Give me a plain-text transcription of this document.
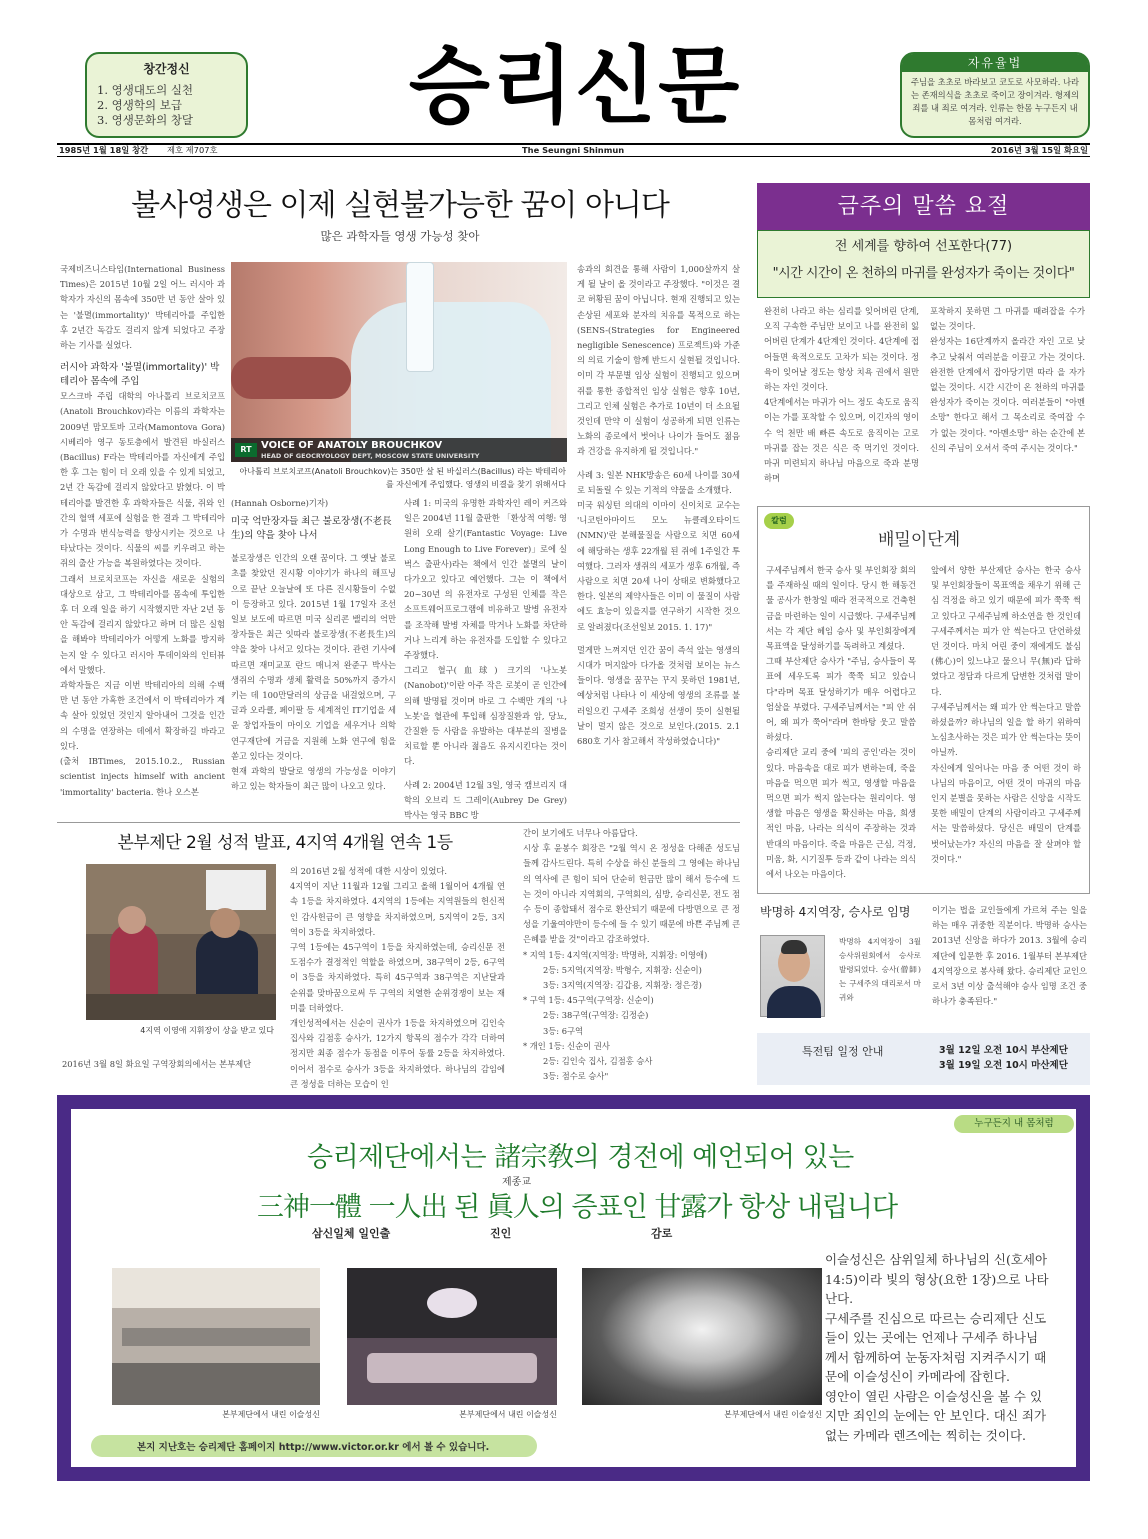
창간정신
1. 영생대도의 실천
2. 영생학의 보급
3. 영생문화의 창달	승리신문	자유율법
주님을 초초로 바라보고 코도로 사모하라. 나라는 존재의식을 초초로 죽이고 장이겨라. 형제의 죄를 내 죄로 여겨라. 인류는 한몸 누구든지 내몸처럼 여겨라.
1985년 1월 18일 창간 제호 제707호	The Seungni Shinmun	2016년 3월 15일 화요일
불사영생은 이제 실현불가능한 꿈이 아니다
많은 과학자들 영생 가능성 찾아
국제비즈니스타임(International Business Times)은 2015년 10월 2일 어느 러시아 과학자가 자신의 몸속에 350만 년 동안 살아 있는 '불멸(immortality)' 박테리아를 주입한 후 2년간 독감도 걸리지 않게 되었다고 주장하는 기사를 실었다.
러시아 과학자 '불멸(immortality)' 박테리아 몸속에 주입
모스크바 주립 대학의 아나톨리 브로치코프(Anatoli Brouchkov)라는 이름의 과학자는 2009년 맘모토바 고라(Mamontova Gora) 시베리아 영구 동토층에서 발견된 바실러스(Bacillus) F라는 박테리아를 자신에게 주입한 후 그는 힘이 더 오래 있을 수 있게 되었고, 2년 간 독감에 걸리지 않았다고 밝혔다. 이 박테리아를 발견한 후 과학자들은 식물, 쥐와 인간의 혈액 세포에 실험을 한 결과 그 박테리아가 수명과 번식능력을 향상시키는 것으로 나타났다는 것이다. 식물의 씨를 키우려고 하는 쥐의 출산 가능을 복원하였다는 것이다.
그래서 브로치코프는 자신을 새로운 실험의 대상으로 삼고, 그 박테리아를 몸속에 투입한 후 더 오래 일을 하기 시작했지만 자난 2년 동안 독감에 걸리지 않았다고 하며 더 많은 실험을 해봐야 박테리아가 어떻게 노화를 방지하는지 알 수 있다고 러시아 투데이와의 인터뷰에서 말했다.
과학자들은 지금 이번 박테리아의 의해 수백만 년 동안 가혹한 조건에서 이 박테리아가 계속 살아 있었던 것인지 알아내어 그것을 인간의 수명을 연장하는 데에서 확장하길 바라고 있다.
(출처 IBTimes, 2015.10.2., Russian scientist injects himself with ancient 'immortality' bacteria. 한나 오스본
RT VOICE OF ANATOLY BROUCHKOV
HEAD OF GEOCRYOLOGY DEPT, MOSCOW STATE UNIVERSITY
아나톨리 브로치코프(Anatoli Brouchkov)는 350만 살 된 바실러스(Bacillus) 라는 박테리아를 자신에게 주입했다. 영생의 비결을 찾기 위해서다
(Hannah Osborne)기자)
미국 억만장자들 최근 불로장생(不老長生)의 약을 찾아 나서
불로장생은 인간의 오랜 꿈이다. 그 옛날 불로초를 찾았던 진시황 이야기가 하나의 해프닝으로 끝난 오늘날에 또 다른 진시황들이 수없이 등장하고 있다. 2015년 1월 17일자 조선일보 보도에 따르면 미국 실리콘 밸리의 억만장자들은 최근 잇따라 불로장생(不老長生)의 약을 찾아 나서고 있다는 것이다. 관련 기사에 따르면 재미교포 란드 매니저 완준구 박사는 생쥐의 수명과 생체 활력을 50%까지 증가시키는 데 100만달러의 상금을 내걸었으며, 구글과 오라클, 페이팔 등 세계적인 IT기업을 세운 창업자들이 마이오 기업을 세우거나 의학연구재단에 거금을 지원해 노화 연구에 힘을 쏟고 있다는 것이다.
현재 과학의 발달로 영생의 가능성을 이야기하고 있는 학자들이 최근 많이 나오고 있다.
사례 1: 미국의 유명한 과학자인 레이 커즈와일은 2004년 11월 출판한 「환상적 여행: 영원히 오래 살기(Fantastic Voyage: Live Long Enough to Live Forever)」로에 실 벅스 출판사)라는 책에서 인간 불멸의 날이 다가오고 있다고 예언했다. 그는 이 책에서 20~30년 의 유전자로 구성된 인체를 작은 소프트웨어프로그램에 비유하고 발병 유전자를 조작해 발병 자체를 막거나 노화를 차단하거나 느리게 하는 유전자를 도입할 수 있다고 주장했다.
그리고 혈구(血球) 크기의 '나노봇(Nanobot)'이란 아주 작은 로봇이 곧 인간에 의해 발명될 것이며 바로 그 수백만 개의 '나노봇'을 혈관에 투입해 심장질환과 암, 당뇨, 간질환 등 사람을 유발하는 대부분의 질병을 치료할 뿐 아니라 젊음도 유지시킨다는 것이다.
사례 2: 2004년 12월 3일, 영국 캠브리지 대학의 오브리 드 그레이(Aubrey De Grey) 박사는 영국 BBC 방
송과의 회견을 통해 사람이 1,000살까지 살게 될 날이 올 것이라고 주장했다. "이것은 결코 허황된 꿈이 아닙니다. 현재 진행되고 있는 손상된 세포와 분자의 치유를 목적으로 하는 (SENS-(Strategies for Engineered negligible Senescence) 프로젝트)와 가준의 의료 기술이 함께 반드시 실현될 것입니다. 이미 각 부문별 임상 실험이 진행되고 있으며 쥐를 통한 종합적인 임상 실험은 향후 10년, 그리고 인체 실험은 추가로 10년이 더 소요될 것인데 만약 이 실험이 성공하게 되면 인류는 노화의 종로에서 벗어나 나이가 들어도 젊음과 건강을 유지하게 될 것입니다."
사례 3: 일본 NHK방송은 60세 나이를 30세로 되돌릴 수 있는 기적의 약물을 소개했다.
미국 워싱턴 의대의 이마이 신이치로 교수는 '니코틴아마이드 모노 뉴클레오타이드(NMN)'란 분해물질을 사람으로 치면 60세에 해당하는 생후 22개월 된 쥐에 1주일간 투여했다. 그러자 생쥐의 세포가 생후 6개월, 즉 사람으로 치면 20세 나이 상태로 변화했다고 한다. 일본의 제약사들은 이미 이 물질이 사람에도 효능이 있을지를 연구하기 시작한 것으로 알려졌다(조선일보 2015. 1. 17)"
멀게만 느껴지던 인간 꿈이 즉석 앞는 영생의 시대가 머지않아 다가올 것처럼 보이는 뉴스들이다. 영생을 꿈꾸는 꾸지 못하던 1981년, 예상처럼 나타나 이 세상에 영생의 조류를 불러일으킨 구세주 조희성 선생이 뜻이 실현될 날이 멀지 않은 것으로 보인다.(2015. 2.1 680호 기사 참고해서 작성하였습니다)"
금주의 말씀 요절
전 세계를 향하여 선포한다(77)
"시간 시간이 온 천하의 마귀를 완성자가 죽이는 것이다"
완전히 나라고 하는 심리를 잊어버린 단계, 오직 구속한 주님만 보이고 나를 완전히 잃어버린 단계가 4단계인 것이다. 4단계에 접어들면 육적으로도 고차가 되는 것이다. 정육이 잊어날 정도는 항상 치욕 권에서 원만하는 자인 것이다.
4단계에서는 마귀가 어느 정도 속도로 움직이는 가를 포착할 수 있으며, 이긴자의 영이 수 억 천만 배 빠른 속도로 움직이는 고로 마귀를 잡는 것은 식은 죽 먹기인 것이다. 마귀 미련되지 하나님 마음으로 죽과 분명하며
포착하지 못하면 그 마귀를 때려잡을 수가 없는 것이다.
완성자는 16단계까지 올라간 자인 고로 낮추고 낮춰서 여러분을 이끌고 가는 것이다. 완전한 단계에서 잡아당기면 따라 을 자가 없는 것이다. 시간 시간이 온 천하의 마귀를 완성자가 죽이는 것이다. 여러분들이 "아멘소망" 한다고 해서 그 목소리로 죽여잡 수가 없는 것이다. "아멘소망" 하는 순간에 본신의 주님이 오셔서 죽여 주시는 것이다."
칼럼
배밀이단계
구세주님께서 한국 승사 및 부인회장 회의를 주재하실 때의 일이다. 당시 한 해동건물 공사가 한창일 때라 전국적으로 건축헌금을 마련하는 일이 시급했다. 구세주님께서는 각 제단 헤임 승사 및 부인회장에게 목표액을 달성하기를 독려하고 계셨다.
그때 부산제단 승사가 "주님, 승사들이 목표에 세우도록 피가 쭉쭉 되고 있습니다"라며 목표 달성하기가 매우 어렵다고 엄살을 부렸다. 구세주님께서는 "피 안 쉬어, 왜 피가 쭉어"라며 한바탕 웃고 말씀하셨다.
승리제단 교리 중에 '피의 공인'라는 것이 있다. 마음속을 대로 피가 변하는데, 죽을 마음을 먹으면 피가 썩고, 영생할 마음을 먹으면 피가 썩지 않는다는 원리이다. 영생할 마음은 영생을 확신하는 마음, 희생적인 마음, 나라는 의식이 주장하는 것과 반대의 마음이다. 죽을 마음은 근심, 걱정, 미움, 화, 시기질투 등과 같이 나라는 의식에서 나오는 마음이다.
앞에서 양한 부산제단 승사는 한국 승사 및 부인회장들이 목표액을 채우기 위해 근심 걱정을 하고 있기 때문에 피가 쭉쭉 썩고 있다고 구세주님께 하소연을 한 것인데 구세주께서는 피가 안 썩는다고 단언하셨던 것이다. 마치 어린 중이 재에게도 불심(佛心)이 있느냐고 물으니 무(無)라 답하였다고 정담과 다르게 답변한 것처럼 말이다.
구세주님께서는 왜 피가 안 썩는다고 말씀하셨을까? 하나님의 일을 할 하기 위하여 노심초사하는 것은 피가 안 썩는다는 뜻이 아닐까.
자신에게 일어나는 마음 중 어떤 것이 하나님의 마음이고, 어떤 것이 마귀의 마음인지 분별을 못하는 사람은 신앙을 시작도 못한 배밀이 단계의 사람이라고 구세주께서는 말씀하셨다. 당신은 배밀이 단계를 벗어났는가? 자신의 마음을 잘 살펴야 할 것이다."
박명하 4지역장, 승사로 임명
박명하 4지역장이 3월 승사위원회에서 승사로 발령되었다. 승사(僧師)는 구세주의 대리로서 마귀와
이기는 법을 교인들에게 가르쳐 주는 일을 하는 매우 귀중한 직분이다. 박명하 승사는 2013년 신앙을 하다가 2013. 3월에 승리제단에 입문한 후 2016. 1월부터 본부제단 4지역장으로 봉사해 왔다. 승리제단 교인으로서 3년 이상 출석해야 승사 임명 조건 중 하나가 충족된다."
특전팀 일정 안내	3월 12일 오전 10시 부산제단
3월 19일 오전 10시 마산제단
본부제단 2월 성적 발표, 4지역 4개월 연속 1등
4지역 이영애 지휘장이 상을 받고 있다
2016년 3월 8일 화요일 구역장회의에서는 본부제단
의 2016년 2월 성적에 대한 시상이 있었다.
4지역이 지난 11월과 12월 그리고 올해 1월이어 4개월 연속 1등을 차지하였다. 4지역의 1등에는 지역원들의 헌신적인 감사헌금이 큰 영향을 차지하였으며, 5지역이 2등, 3지역이 3등을 차지하였다.
구역 1등에는 45구역이 1등을 차지하였는데, 승리신문 전도점수가 결정적인 역할을 하였으며, 38구역이 2등, 6구역이 3등을 차지하였다. 특히 45구역과 38구역은 지난달과 순위를 맞바꿈으로써 두 구역의 치열한 순위경쟁이 보는 재미를 더하였다.
개인성적에서는 신순이 권사가 1등을 차지하였으며 김인숙 집사와 김점홍 승사가, 12가지 항목의 점수가 각각 더하여정지만 최종 점수가 동점을 이루어 동률 2등을 차지하였다. 이어서 점수로 승사가 3등을 차지하였다. 하나님의 감임에 큰 정성을 더하는 모습이 인
간이 보기에도 너무나 아름답다.
시상 후 윤봉수 회장은 "2월 역시 온 정성을 다해준 성도님들께 감사드린다. 특히 수상을 하신 분들의 그 영에는 하나님의 역사에 큰 힘이 되어 단순히 헌금만 많이 해서 등수에 드는 것이 아니라 지역회의, 구역회의, 심방, 승리신문, 전도 점수 등이 종합돼서 점수로 환산되기 때문에 다방면으로 큰 정성을 기울여야만이 등수에 들 수 있기 때문에 바쁜 주님께 큰 은혜를 받을 것"이라고 감조하였다.
* 지역 1등: 4지역(지역장: 박명하, 지휘장: 이영애)
2등: 5지역(지역장: 박형수, 지휘장: 신순이)
3등: 3지역(지역장: 김갑용, 지휘장: 정은경)
* 구역 1등: 45구역(구역장: 신순이)
2등: 38구역(구역장: 김정순)
3등: 6구역
* 개인 1등: 신순이 권사
2등: 김인숙 집사, 김점홍 승사
3등: 점수로 승사"
누구든지 내 몸처럼
승리제단에서는 諸宗敎의 경전에 예언되어 있는
제종교
三神一體 一人出 된 眞人의 증표인 甘露가 항상 내립니다
삼신일체 일인출	진인	감로
본부제단에서 내린 이슬성신	본부제단에서 내린 이슬성신	본부제단에서 내린 이슬성신
이슬성신은 삼위일체 하나님의 신(호세아 14:5)이라 빛의 형상(요한 1장)으로 나타난다.
구세주를 진심으로 따르는 승리제단 신도들이 있는 곳에는 언제나 구세주 하나님께서 함께하여 눈동자처럼 지켜주시기 때문에 이슬성신이 카메라에 잡힌다.
영안이 열린 사람은 이슬성신을 볼 수 있지만 죄인의 눈에는 안 보인다. 대신 죄가 없는 카메라 렌즈에는 찍히는 것이다.
본지 지난호는 승리제단 홈페이지 http://www.victor.or.kr 에서 볼 수 있습니다.
